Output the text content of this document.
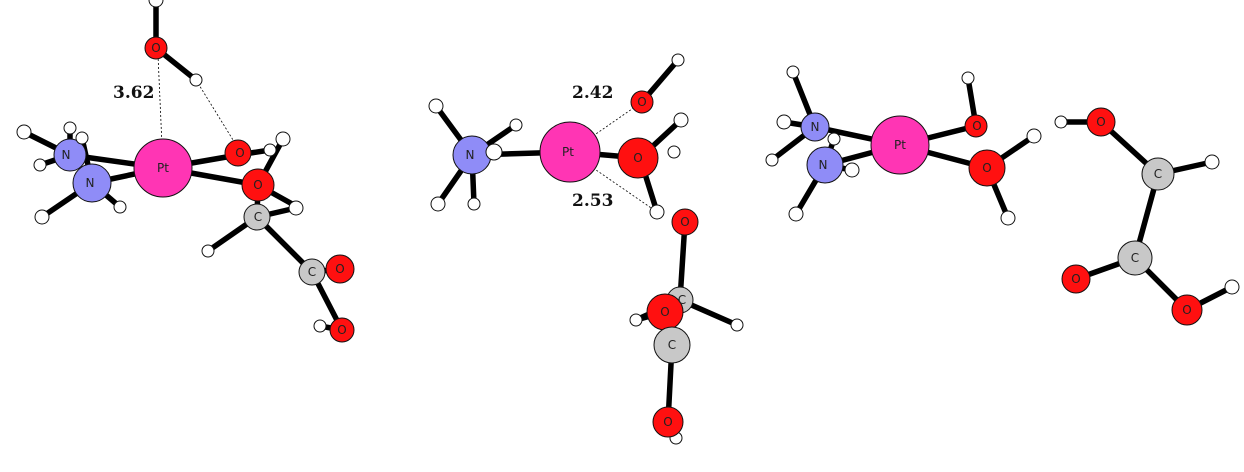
O
N
N
Pt
O
O
C
C O
O
3.62
N	Pt
O
O
O
C
O
C
O
2.42
2.53
N
N
Pt
O
O
O
C
C
O
O
